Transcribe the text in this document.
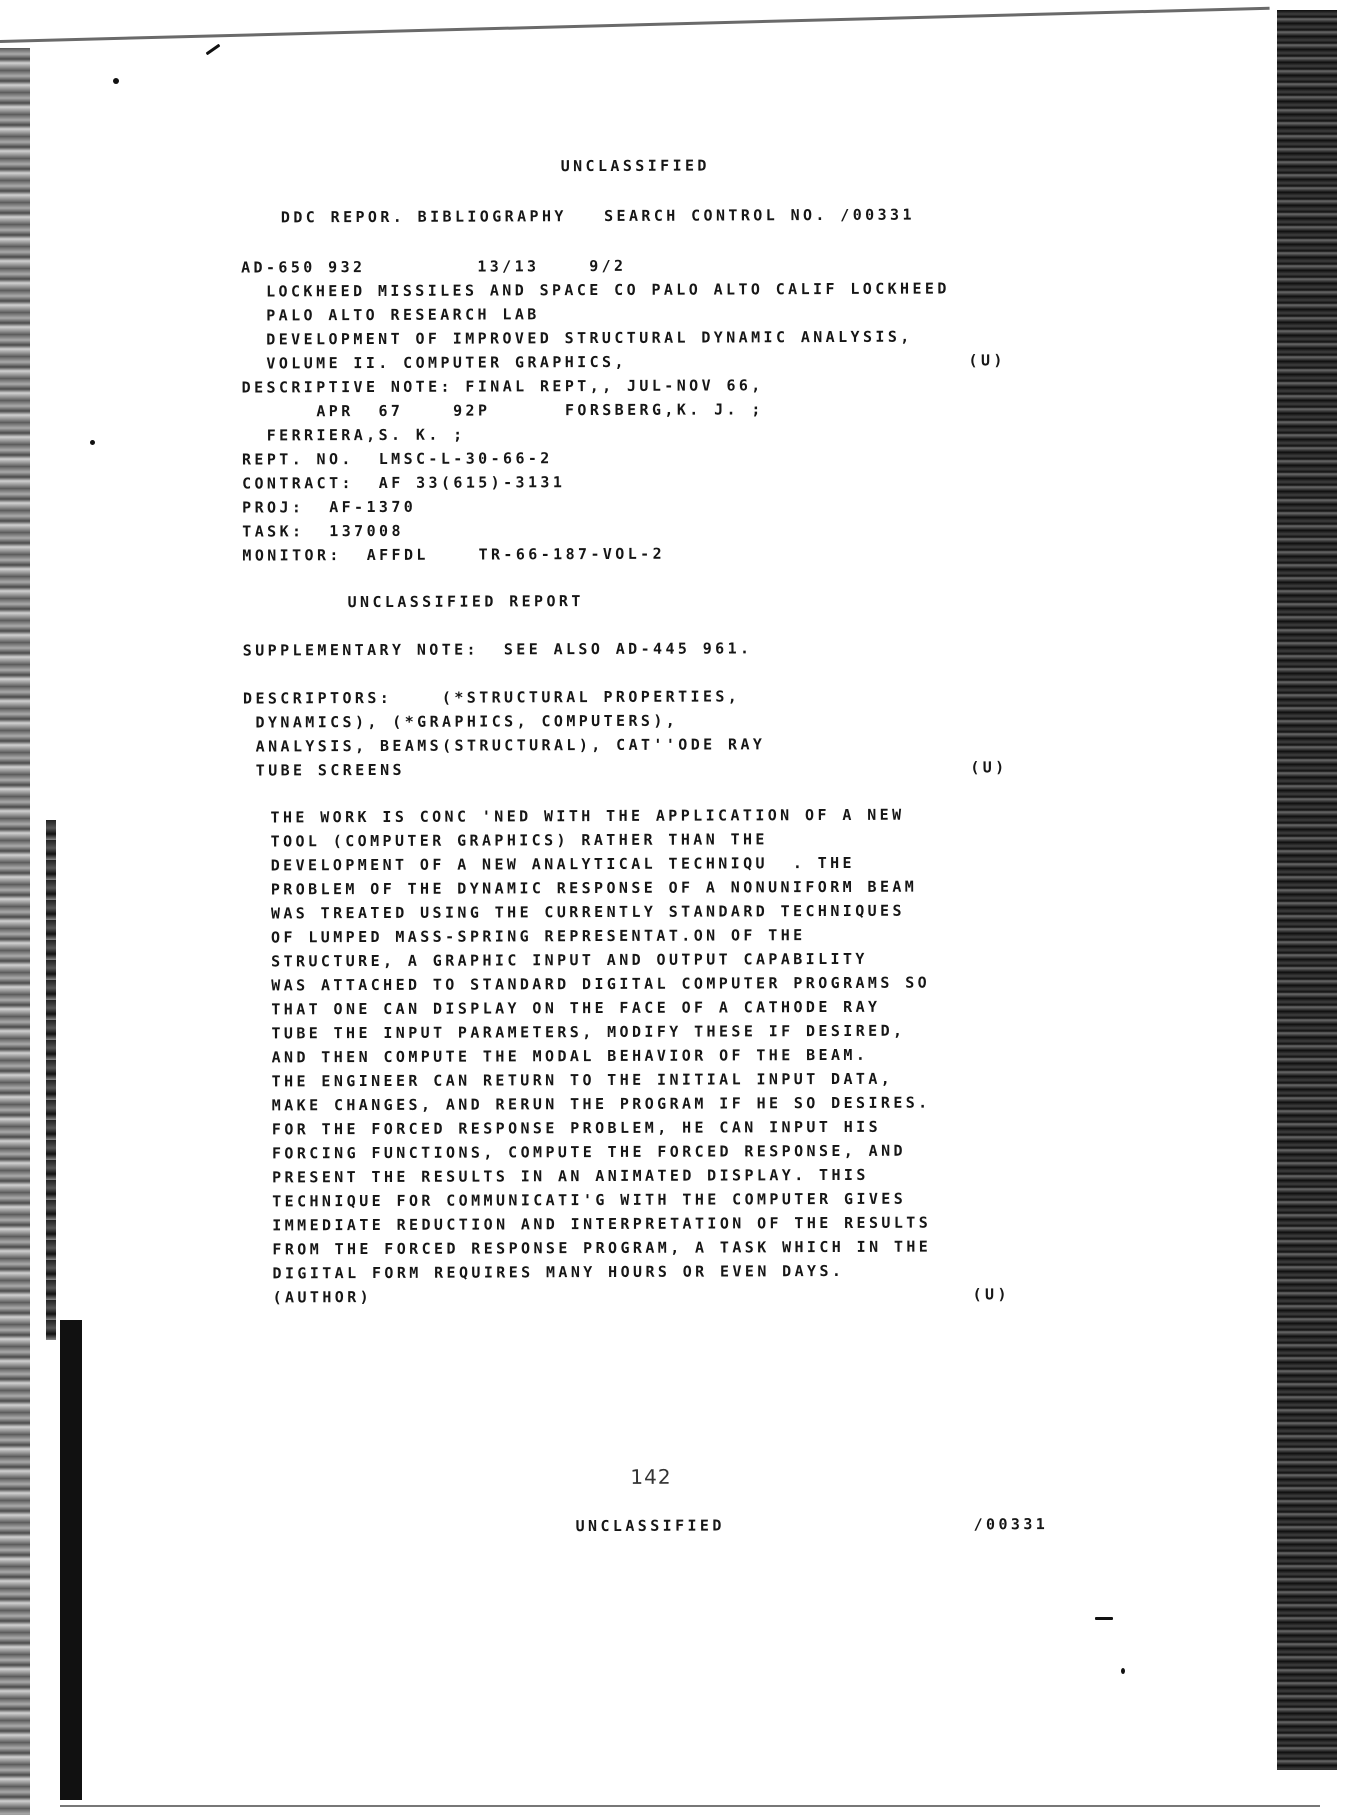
UNCLASSIFIED
DDC REPOR. BIBLIOGRAPHY   SEARCH CONTROL NO. /00331
AD-650 932         13/13    9/2
LOCKHEED MISSILES AND SPACE CO PALO ALTO CALIF LOCKHEED
PALO ALTO RESEARCH LAB
DEVELOPMENT OF IMPROVED STRUCTURAL DYNAMIC ANALYSIS,
VOLUME II. COMPUTER GRAPHICS,	(U)
DESCRIPTIVE NOTE: FINAL REPT,, JUL-NOV 66,
APR  67    92P      FORSBERG,K. J. ;
FERRIERA,S. K. ;
REPT. NO.  LMSC-L-30-66-2
CONTRACT:  AF 33(615)-3131
PROJ:  AF-1370
TASK:  137008
MONITOR:  AFFDL    TR-66-187-VOL-2
UNCLASSIFIED REPORT
SUPPLEMENTARY NOTE:  SEE ALSO AD-445 961.
DESCRIPTORS:    (*STRUCTURAL PROPERTIES,
DYNAMICS), (*GRAPHICS, COMPUTERS),
ANALYSIS, BEAMS(STRUCTURAL), CAT''ODE RAY
TUBE SCREENS	(U)
THE WORK IS CONC 'NED WITH THE APPLICATION OF A NEW
TOOL (COMPUTER GRAPHICS) RATHER THAN THE
DEVELOPMENT OF A NEW ANALYTICAL TECHNIQU  . THE
PROBLEM OF THE DYNAMIC RESPONSE OF A NONUNIFORM BEAM
WAS TREATED USING THE CURRENTLY STANDARD TECHNIQUES
OF LUMPED MASS-SPRING REPRESENTAT.ON OF THE
STRUCTURE, A GRAPHIC INPUT AND OUTPUT CAPABILITY
WAS ATTACHED TO STANDARD DIGITAL COMPUTER PROGRAMS SO
THAT ONE CAN DISPLAY ON THE FACE OF A CATHODE RAY
TUBE THE INPUT PARAMETERS, MODIFY THESE IF DESIRED,
AND THEN COMPUTE THE MODAL BEHAVIOR OF THE BEAM.
THE ENGINEER CAN RETURN TO THE INITIAL INPUT DATA,
MAKE CHANGES, AND RERUN THE PROGRAM IF HE SO DESIRES.
FOR THE FORCED RESPONSE PROBLEM, HE CAN INPUT HIS
FORCING FUNCTIONS, COMPUTE THE FORCED RESPONSE, AND
PRESENT THE RESULTS IN AN ANIMATED DISPLAY. THIS
TECHNIQUE FOR COMMUNICATI'G WITH THE COMPUTER GIVES
IMMEDIATE REDUCTION AND INTERPRETATION OF THE RESULTS
FROM THE FORCED RESPONSE PROGRAM, A TASK WHICH IN THE
DIGITAL FORM REQUIRES MANY HOURS OR EVEN DAYS.
(AUTHOR)	(U)
142
UNCLASSIFIED	/00331
